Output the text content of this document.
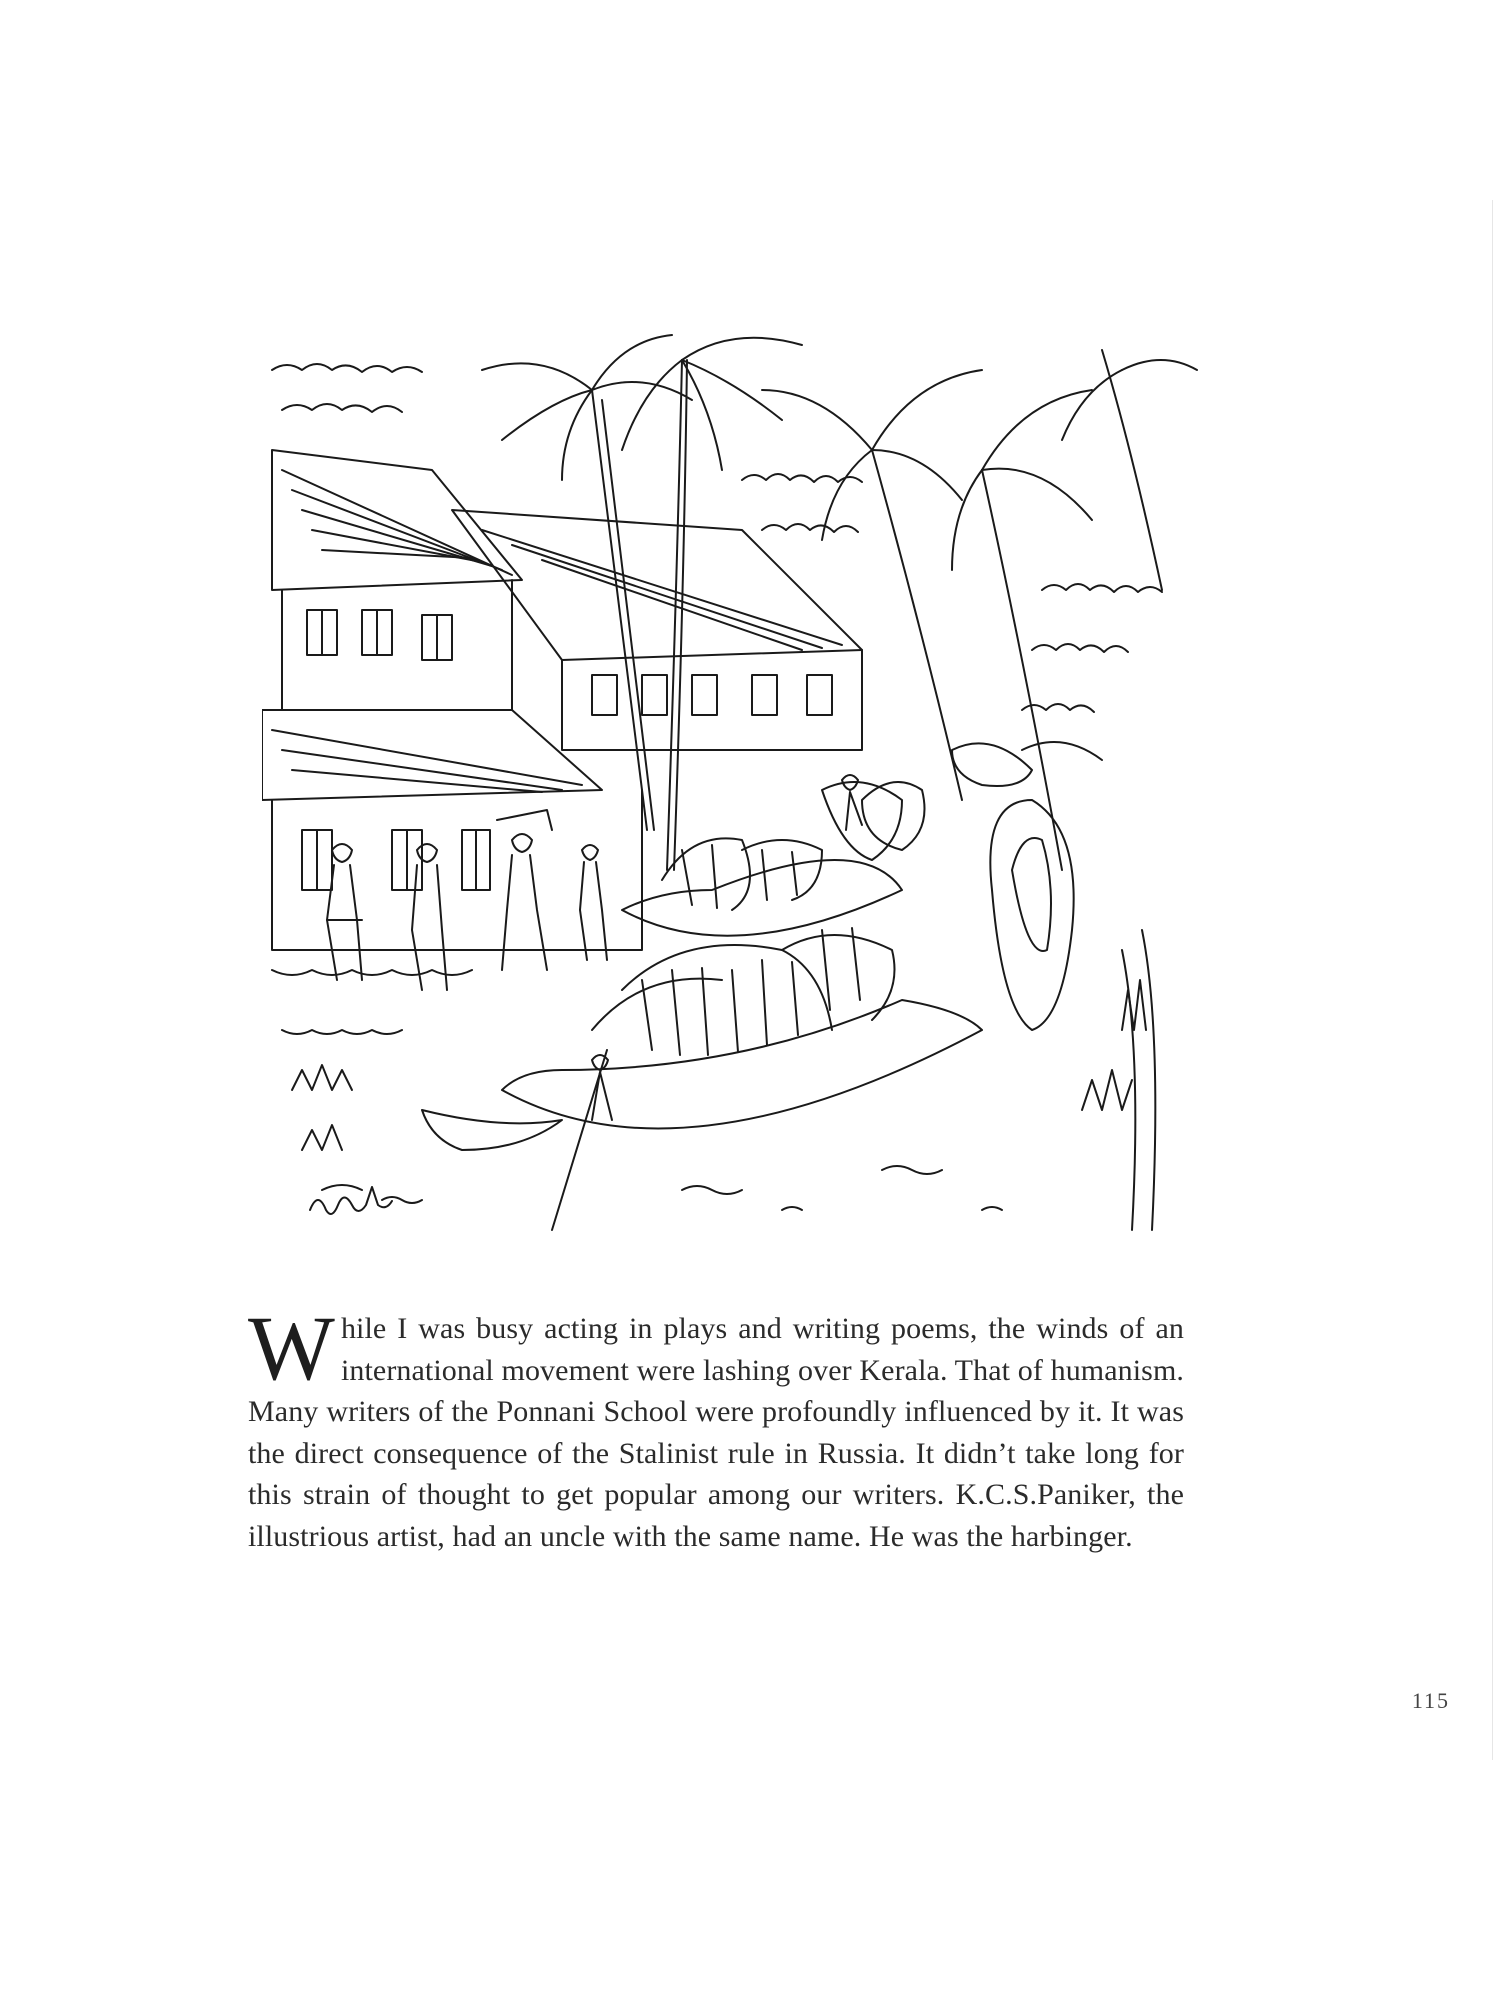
While I was busy acting in plays and writing poems, the winds of an international movement were lashing over Kerala. That of humanism. Many writers of the Ponnani School were profoundly influenced by it. It was the direct consequence of the Stalinist rule in Russia. It didn’t take long for this strain of thought to get popular among our writers. K.C.S.Paniker, the illustrious artist, had an uncle with the same name. He was the harbinger.
115
